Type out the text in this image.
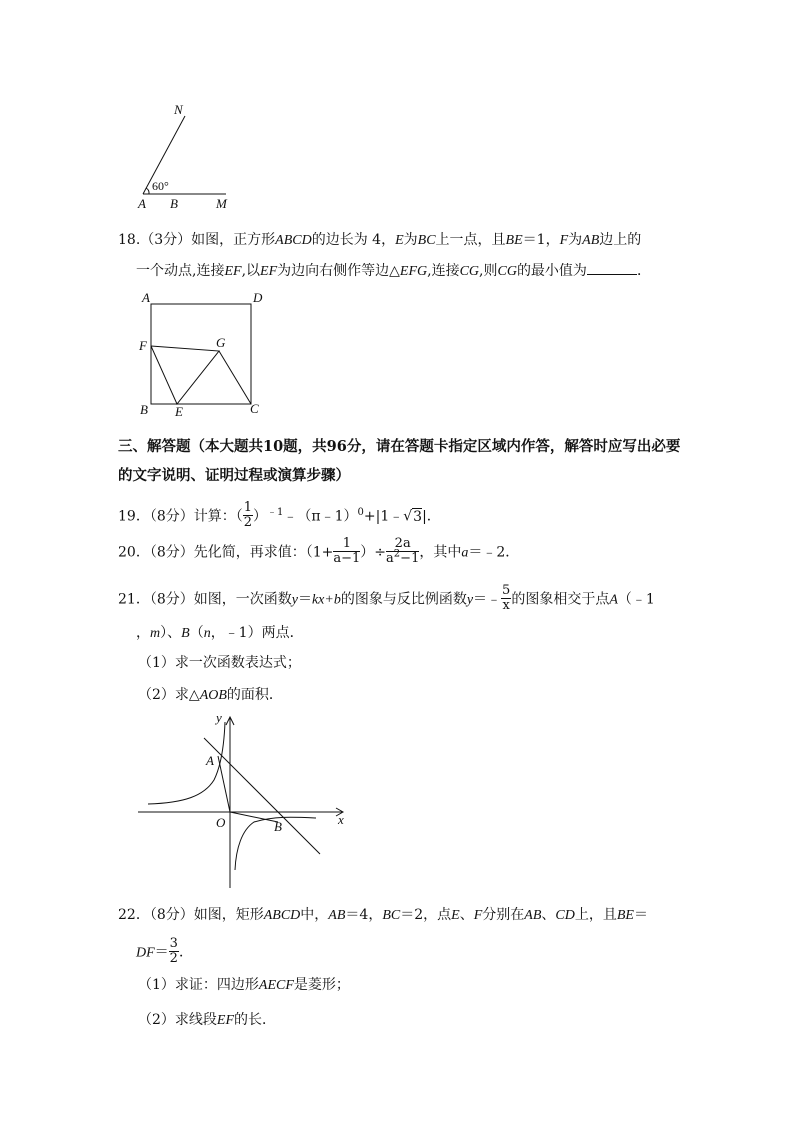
N
60°
A B	M
18.（3分）如图，正方形ABCD的边长为 4，E为BC上一点，且BE＝1，F为AB边上的
一个动点,连接EF,以EF为边向右侧作等边△EFG,连接CG,则CG的最小值为	．
A	D
F	G
B E	C
三、解答题（本大题共10题，共96分，请在答题卡指定区域内作答，解答时应写出必要
的文字说明、证明过程或演算步骤）
19．（8分）计算：（ $\frac{1}{2}$ ）$^{﹣1}$﹣（π﹣1）$^0$+|1﹣√3|．
20．（8分）先化简，再求值：（$1+ \frac{1}{a-1}$ ）÷ $\frac{2a}{a^2-1}$ ，其中a＝﹣2．
21．（8分）如图，一次函数y＝kx+b的图象与反比例函数y＝﹣ $\frac{5}{x}$ 的图象相交于点A（﹣1
，m）、B（n，﹣1）两点．
（1）求一次函数表达式；
（2）求△AOB的面积．
y
A
O	B	x
22．（8分）如图，矩形ABCD中，AB＝4，BC＝2，点E、F分别在AB、CD上，且BE＝
$DF= \frac{3}{2}$ ．
（1）求证：四边形AECF是菱形；
（2）求线段EF的长．
